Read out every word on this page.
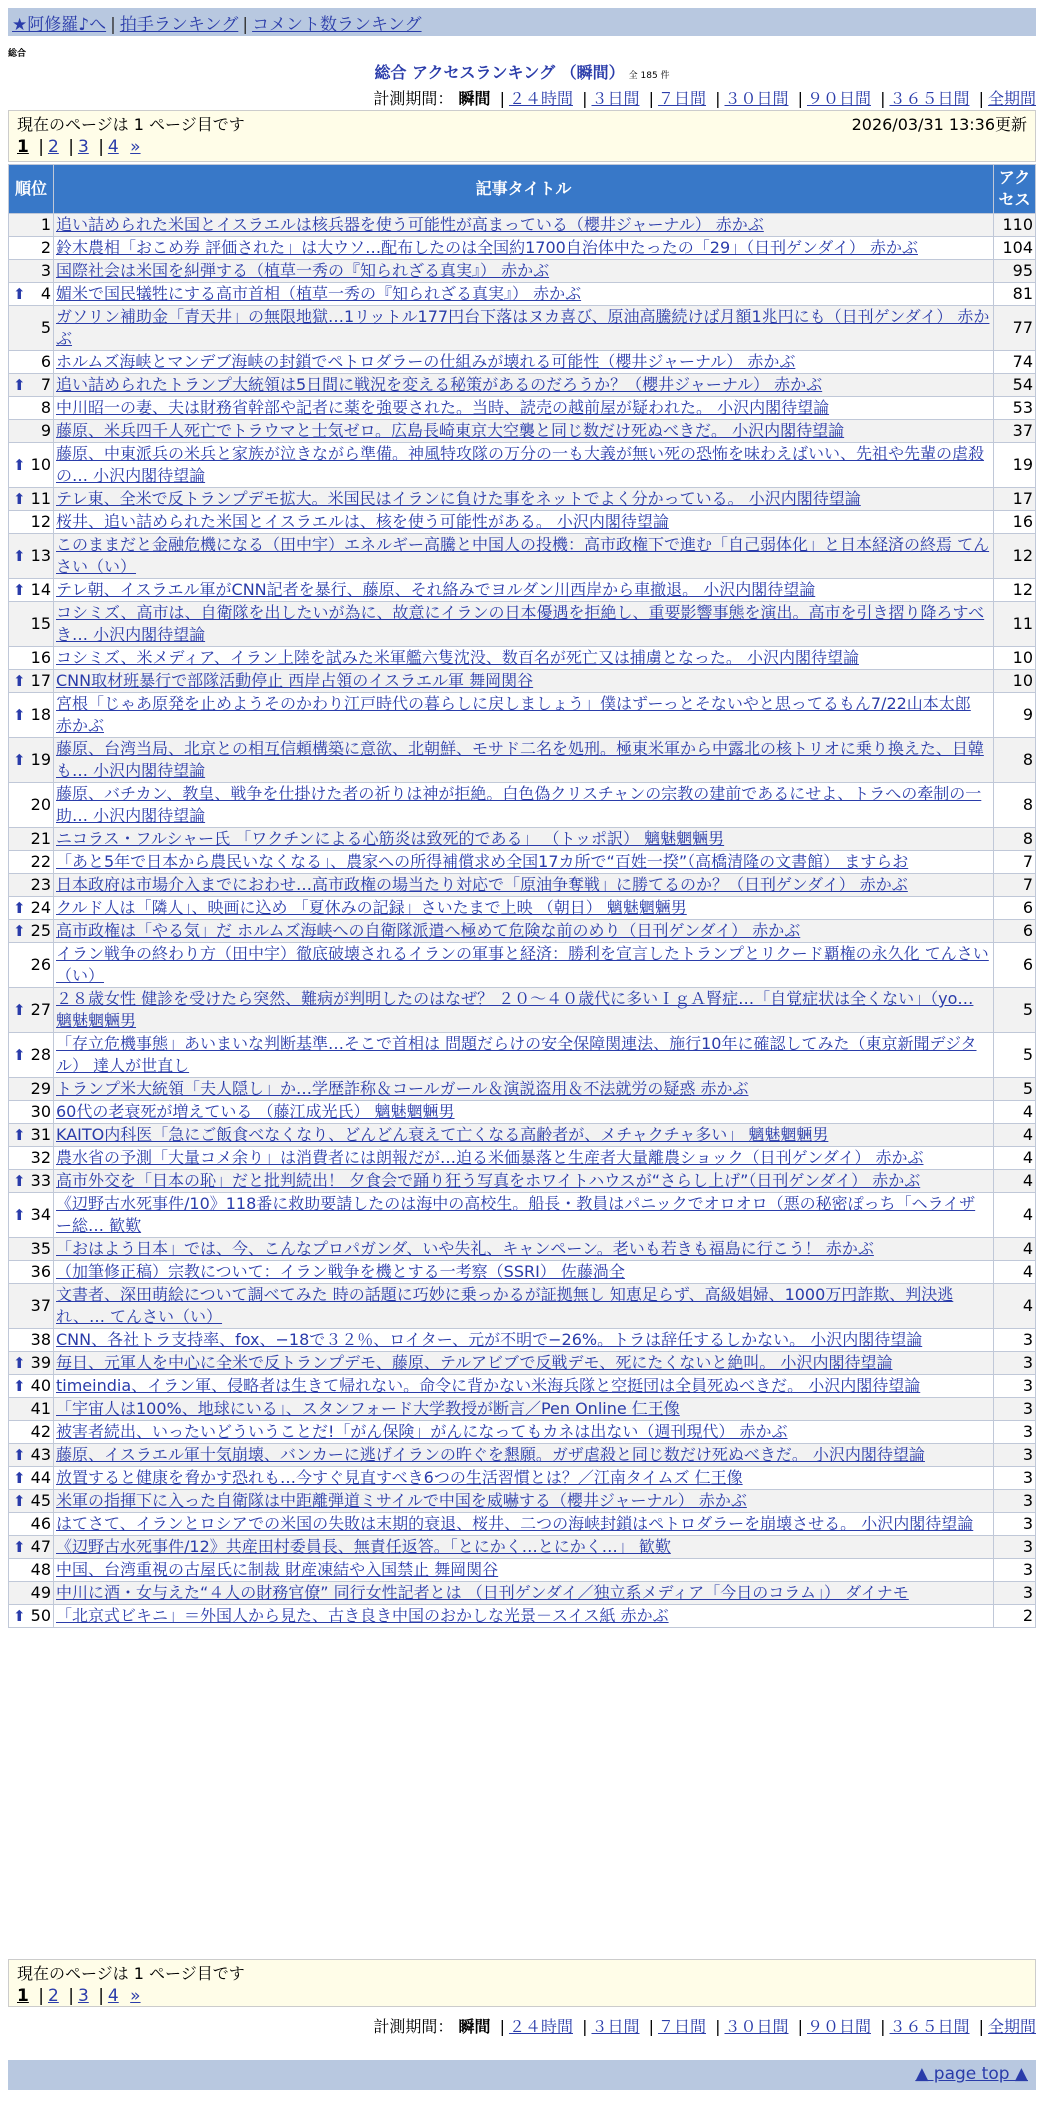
★阿修羅♪へ | 拍手ランキング | コメント数ランキング
総合
総合 アクセスランキング （瞬間） 全 185 件
計測期間： 瞬間 | ２４時間 | ３日間 | ７日間 | ３０日間 | ９０日間 | ３６５日間 | 全期間
現在のページは 1 ページ目です	2026/03/31 13:36更新
1 | 2 | 3 | 4 »
順位	記事タイトル	アクセス
1	追い詰められた米国とイスラエルは核兵器を使う可能性が高まっている（櫻井ジャーナル） 赤かぶ	110
2	鈴木農相「おこめ券 評価された」は大ウソ…配布したのは全国約1700自治体中たったの「29」（日刊ゲンダイ） 赤かぶ	104
3	国際社会は米国を糾弾する（植草一秀の『知られざる真実』） 赤かぶ	95

⬆ 4	媚米で国民犠牲にする高市首相（植草一秀の『知られざる真実』） 赤かぶ	81
5	ガソリン補助金「青天井」の無限地獄…1リットル177円台下落はヌカ喜び、原油高騰続けば月額1兆円にも（日刊ゲンダイ） 赤かぶ	77
6	ホルムズ海峡とマンデブ海峡の封鎖でペトロダラーの仕組みが壊れる可能性（櫻井ジャーナル） 赤かぶ	74

⬆ 7	追い詰められたトランプ大統領は5日間に戦況を変える秘策があるのだろうか？（櫻井ジャーナル） 赤かぶ	54
8	中川昭一の妻、夫は財務省幹部や記者に薬を強要された。当時、読売の越前屋が疑われた。 小沢内閣待望論	53
9	藤原、米兵四千人死亡でトラウマと士気ゼロ。広島長崎東京大空襲と同じ数だけ死ぬべきだ。 小沢内閣待望論	37

⬆ 10	藤原、中東派兵の米兵と家族が泣きながら準備。神風特攻隊の万分の一も大義が無い死の恐怖を味わえばいい、先祖や先輩の虐殺の… 小沢内閣待望論	19

⬆ 11	テレ東、全米で反トランプデモ拡大。米国民はイランに負けた事をネットでよく分かっている。 小沢内閣待望論	17
12	桜井、追い詰められた米国とイスラエルは、核を使う可能性がある。 小沢内閣待望論	16

⬆ 13	このままだと金融危機になる（田中宇）エネルギー高騰と中国人の投機：高市政権下で進む「自己弱体化」と日本経済の終焉 てんさい（い）	12

⬆ 14	テレ朝、イスラエル軍がCNN記者を暴行、藤原、それ絡みでヨルダン川西岸から車撤退。 小沢内閣待望論	12
15	コシミズ、高市は、自衛隊を出したいが為に、故意にイランの日本優遇を拒絶し、重要影響事態を演出。高市を引き摺り降ろすべき… 小沢内閣待望論	11
16	コシミズ、米メディア、イラン上陸を試みた米軍艦六隻沈没、数百名が死亡又は捕虜となった。 小沢内閣待望論	10

⬆ 17	CNN取材班暴行で部隊活動停止 西岸占領のイスラエル軍 舞岡関谷	10

⬆ 18	宮根「じゃあ原発を止めようそのかわり江戸時代の暮らしに戻しましょう」僕はずーっとそないやと思ってるもん7/22山本太郎 赤かぶ	9

⬆ 19	藤原、台湾当局、北京との相互信頼構築に意欲、北朝鮮、モサド二名を処刑。極東米軍から中露北の核トリオに乗り換えた、日韓も… 小沢内閣待望論	8
20	藤原、バチカン、教皇、戦争を仕掛けた者の祈りは神が拒絶。白色偽クリスチャンの宗教の建前であるにせよ、トラへの牽制の一助… 小沢内閣待望論	8
21	ニコラス・フルシャー氏 「ワクチンによる心筋炎は致死的である」 （トッポ訳） 魑魅魍魎男	8
22	「あと5年で日本から農民いなくなる」、農家への所得補償求め全国17カ所で“百姓一揆”（高橋清隆の文書館） ますらお	7
23	日本政府は市場介入までにおわせ…高市政権の場当たり対応で「原油争奪戦」に勝てるのか？（日刊ゲンダイ） 赤かぶ	7

⬆ 24	クルド人は「隣人」、映画に込め 「夏休みの記録」さいたまで上映 （朝日） 魑魅魍魎男	6

⬆ 25	高市政権は「やる気」だ ホルムズ海峡への自衛隊派遣へ極めて危険な前のめり（日刊ゲンダイ） 赤かぶ	6
26	イラン戦争の終わり方（田中宇）徹底破壊されるイランの軍事と経済：勝利を宣言したトランプとリクード覇権の永久化 てんさい（い）	6

⬆ 27	２８歳女性 健診を受けたら突然、難病が判明したのはなぜ？ ２０～４０歳代に多いＩｇＡ腎症…「自覚症状は全くない」（yo… 魑魅魍魎男	5

⬆ 28	「存立危機事態」あいまいな判断基準…そこで首相は 問題だらけの安全保障関連法、施行10年に確認してみた（東京新聞デジタル） 達人が世直し	5
29	トランプ米大統領「夫人隠し」か…学歴詐称＆コールガール＆演説盗用＆不法就労の疑惑 赤かぶ	5
30	60代の老衰死が増えている （藤江成光氏） 魑魅魍魎男	4

⬆ 31	KAITO内科医「急にご飯食べなくなり、どんどん衰えて亡くなる高齢者が、メチャクチャ多い」 魑魅魍魎男	4
32	農水省の予測「大量コメ余り」は消費者には朗報だが…迫る米価暴落と生産者大量離農ショック（日刊ゲンダイ） 赤かぶ	4

⬆ 33	高市外交を「日本の恥」だと批判続出！ 夕食会で踊り狂う写真をホワイトハウスが“さらし上げ”（日刊ゲンダイ） 赤かぶ	4

⬆ 34	《辺野古水死事件/10》118番に救助要請したのは海中の高校生。船長・教員はパニックでオロオロ（悪の秘密ぽっち「ヘライザー総… 歓歎	4
35	「おはよう日本」では、今、こんなプロパガンダ、いや失礼、キャンペーン。老いも若きも福島に行こう！ 赤かぶ	4
36	（加筆修正稿）宗教について：イラン戦争を機とする一考察（SSRI） 佐藤渦全	4
37	文書者、深田萌絵について調べてみた 時の話題に巧妙に乗っかるが証拠無し 知恵足らず、高級娼婦、1000万円詐欺、判決逃れ、… てんさい（い）	4
38	CNN、各社トラ支持率、fox、−18で３２％、ロイター、元が不明で−26%。トラは辞任するしかない。 小沢内閣待望論	3

⬆ 39	毎日、元軍人を中心に全米で反トランプデモ、藤原、テルアビブで反戦デモ、死にたくないと絶叫。 小沢内閣待望論	3

⬆ 40	timeindia、イラン軍、侵略者は生きて帰れない。命令に背かない米海兵隊と空挺団は全員死ぬべきだ。 小沢内閣待望論	3
41	「宇宙人は100%、地球にいる」、スタンフォード大学教授が断言／Pen Online 仁王像	3
42	被害者続出、いったいどういうことだ!「がん保険」がんになってもカネは出ない（週刊現代） 赤かぶ	3

⬆ 43	藤原、イスラエル軍十気崩壊、バンカーに逃げイランの旿ぐを懇願。ガザ虐殺と同じ数だけ死ぬべきだ。 小沢内閣待望論	3

⬆ 44	放置すると健康を脅かす恐れも…今すぐ見直すべき6つの生活習慣とは？／江南タイムズ 仁王像	3

⬆ 45	米軍の指揮下に入った自衛隊は中距離弾道ミサイルで中国を威嚇する（櫻井ジャーナル） 赤かぶ	3
46	はてさて、イランとロシアでの米国の失敗は末期的衰退、桜井、二つの海峡封鎖はペトロダラーを崩壊させる。 小沢内閣待望論	3

⬆ 47	《辺野古水死事件/12》共産田村委員長、無責任返答。「とにかく…とにかく…」 歓歎	3
48	中国、台湾重視の古屋氏に制裁 財産凍結や入国禁止 舞岡関谷	3
49	中川に酒・女与えた“４人の財務官僚” 同行女性記者とは （日刊ゲンダイ／独立系メディア「今日のコラム」） ダイナモ	3

⬆ 50	「北京式ビキニ」＝外国人から見た、古き良き中国のおかしな光景－スイス紙 赤かぶ	2
現在のページは 1 ページ目です
1 | 2 | 3 | 4 »
計測期間： 瞬間 | ２４時間 | ３日間 | ７日間 | ３０日間 | ９０日間 | ３６５日間 | 全期間
▲ page top ▲
